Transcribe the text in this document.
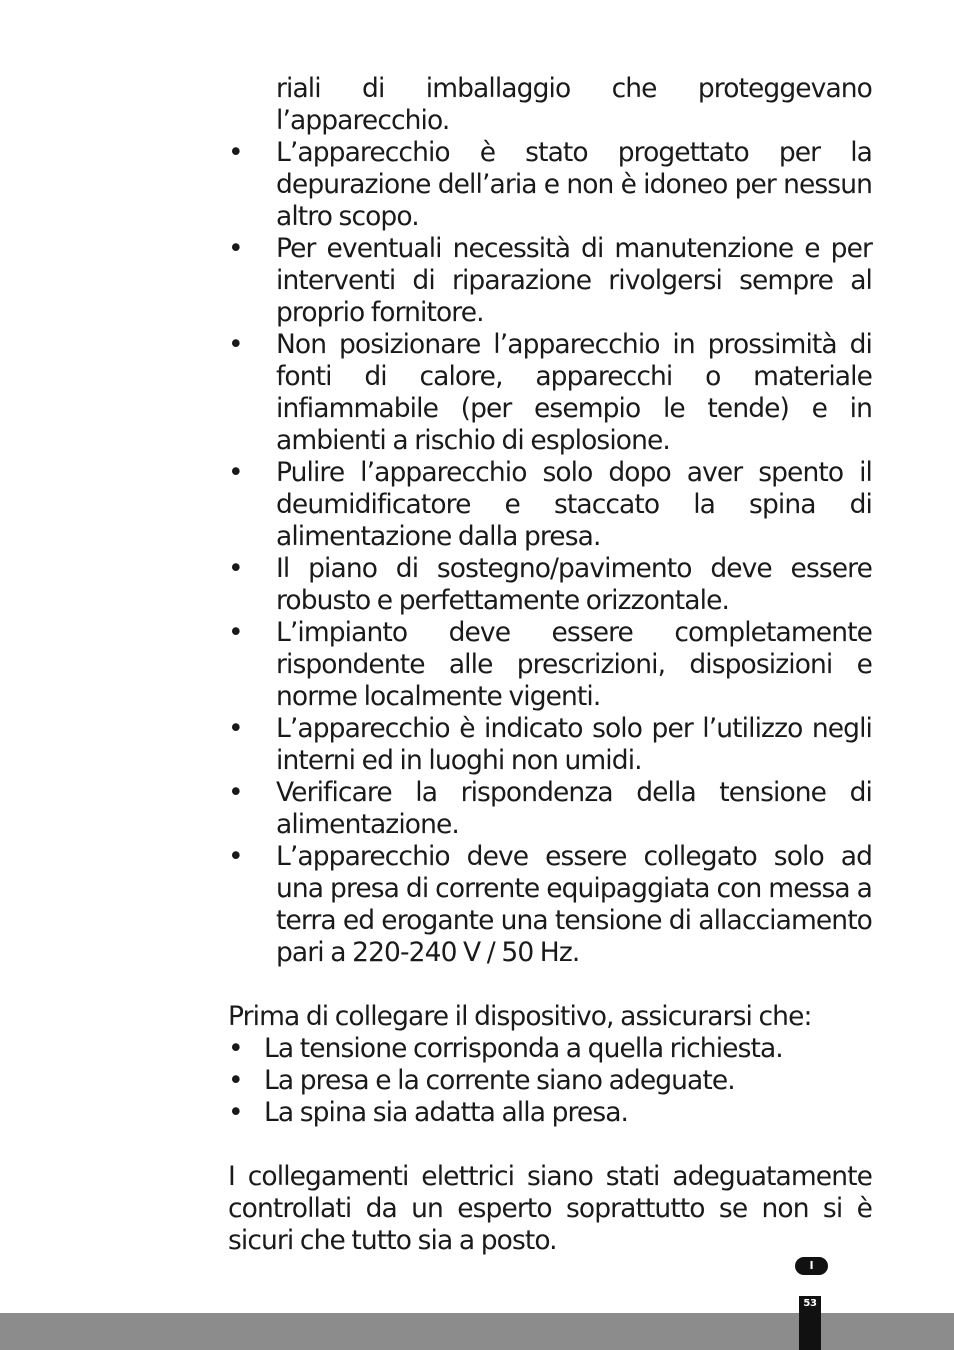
riali di imballaggio che proteggevano l’apparecchio.
• L’apparecchio è stato progettato per la depurazione dell’aria e non è idoneo per nessun altro scopo.
• Per eventuali necessità di manutenzione e per interventi di riparazione rivolgersi sempre al proprio fornitore.
• Non posizionare l’apparecchio in prossimità di fonti di calore, apparecchi o materiale infiammabile (per esempio le tende) e in ambienti a rischio di esplosione.
• Pulire l’apparecchio solo dopo aver spento il deumidificatore e staccato la spina di alimentazione dalla presa.
• Il piano di sostegno/pavimento deve essere robusto e perfettamente orizzontale.
• L’impianto deve essere completamente rispondente alle prescrizioni, disposizioni e norme localmente vigenti.
• L’apparecchio è indicato solo per l’utilizzo negli interni ed in luoghi non umidi.
• Verificare la rispondenza della tensione di alimentazione.
• L’apparecchio deve essere collegato solo ad una presa di corrente equipaggiata con messa a terra ed erogante una tensione di allacciamento pari a 220-240 V / 50 Hz.

Prima di collegare il dispositivo, assicurarsi che:

• La tensione corrisponda a quella richiesta.
• La presa e la corrente siano adeguate.
• La spina sia adatta alla presa.

I collegamenti elettrici siano stati adeguatamente controllati da un esperto soprattutto se non si è sicuri che tutto sia a posto.

I
53
